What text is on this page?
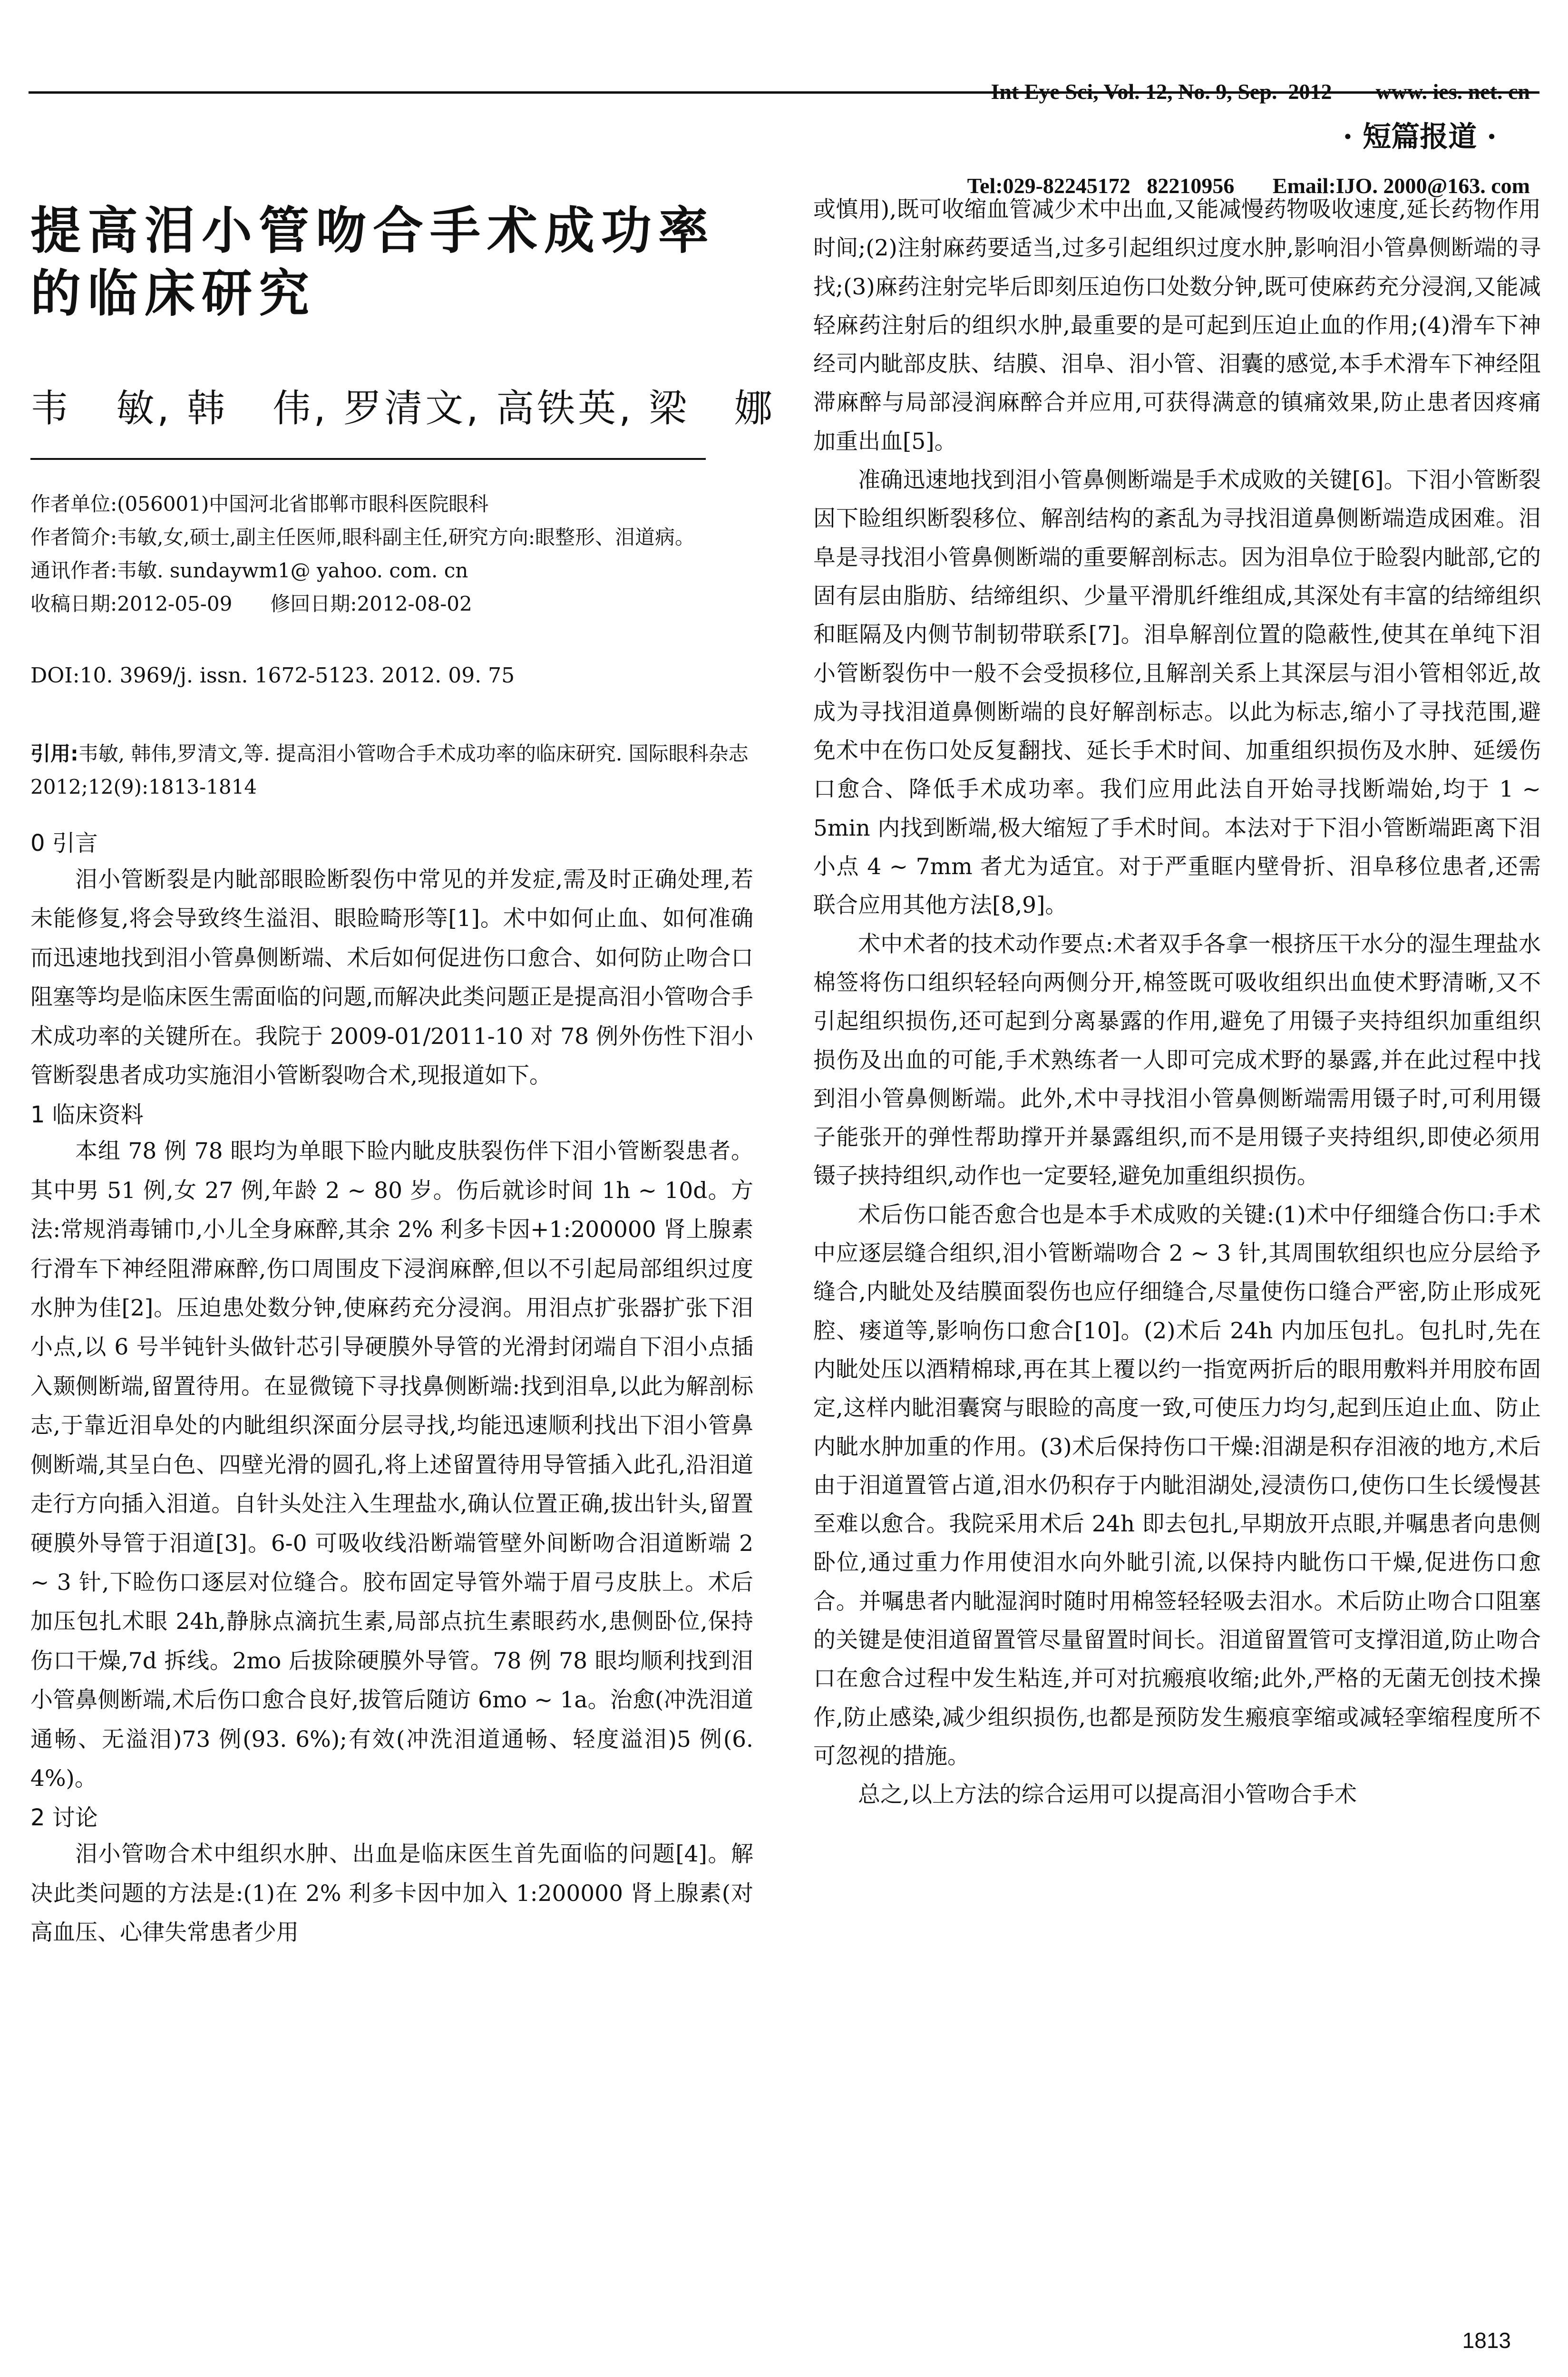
Int Eye Sci, Vol. 12, No. 9, Sep.  2012        www. ies. net. cn

Tel:029-82245172   82210956       Email:IJO. 2000@163. com

· 短篇报道 ·
提高泪小管吻合手术成功率的临床研究
韦   敏, 韩   伟, 罗清文, 高铁英, 梁   娜

作者单位:(056001)中国河北省邯郸市眼科医院眼科

作者简介:韦敏,女,硕士,副主任医师,眼科副主任,研究方向:眼整形、泪道病。

通讯作者:韦敏. sundaywm1@ yahoo. com. cn

收稿日期:2012-05-09      修回日期:2012-08-02

DOI:10. 3969/j. issn. 1672-5123. 2012. 09. 75
引用:韦敏, 韩伟,罗清文,等. 提高泪小管吻合手术成功率的临床研究. 国际眼科杂志 2012;12(9):1813-1814
0 引言

泪小管断裂是内眦部眼睑断裂伤中常见的并发症,需及时正确处理,若未能修复,将会导致终生溢泪、眼睑畸形等[1]。术中如何止血、如何准确而迅速地找到泪小管鼻侧断端、术后如何促进伤口愈合、如何防止吻合口阻塞等均是临床医生需面临的问题,而解决此类问题正是提高泪小管吻合手术成功率的关键所在。我院于 2009-01/2011-10 对 78 例外伤性下泪小管断裂患者成功实施泪小管断裂吻合术,现报道如下。

1 临床资料

本组 78 例 78 眼均为单眼下睑内眦皮肤裂伤伴下泪小管断裂患者。其中男 51 例,女 27 例,年龄 2 ~ 80 岁。伤后就诊时间 1h ~ 10d。方法:常规消毒铺巾,小儿全身麻醉,其余 2% 利多卡因+1:200000 肾上腺素行滑车下神经阻滞麻醉,伤口周围皮下浸润麻醉,但以不引起局部组织过度水肿为佳[2]。压迫患处数分钟,使麻药充分浸润。用泪点扩张器扩张下泪小点,以 6 号半钝针头做针芯引导硬膜外导管的光滑封闭端自下泪小点插入颞侧断端,留置待用。在显微镜下寻找鼻侧断端:找到泪阜,以此为解剖标志,于靠近泪阜处的内眦组织深面分层寻找,均能迅速顺利找出下泪小管鼻侧断端,其呈白色、四壁光滑的圆孔,将上述留置待用导管插入此孔,沿泪道走行方向插入泪道。自针头处注入生理盐水,确认位置正确,拔出针头,留置硬膜外导管于泪道[3]。6-0 可吸收线沿断端管壁外间断吻合泪道断端 2 ~ 3 针,下睑伤口逐层对位缝合。胶布固定导管外端于眉弓皮肤上。术后加压包扎术眼 24h,静脉点滴抗生素,局部点抗生素眼药水,患侧卧位,保持伤口干燥,7d 拆线。2mo 后拔除硬膜外导管。78 例 78 眼均顺利找到泪小管鼻侧断端,术后伤口愈合良好,拔管后随访 6mo ~ 1a。治愈(冲洗泪道通畅、无溢泪)73 例(93. 6%);有效(冲洗泪道通畅、轻度溢泪)5 例(6. 4%)。

2 讨论

泪小管吻合术中组织水肿、出血是临床医生首先面临的问题[4]。解决此类问题的方法是:(1)在 2% 利多卡因中加入 1:200000 肾上腺素(对高血压、心律失常患者少用

或慎用),既可收缩血管减少术中出血,又能减慢药物吸收速度,延长药物作用时间;(2)注射麻药要适当,过多引起组织过度水肿,影响泪小管鼻侧断端的寻找;(3)麻药注射完毕后即刻压迫伤口处数分钟,既可使麻药充分浸润,又能减轻麻药注射后的组织水肿,最重要的是可起到压迫止血的作用;(4)滑车下神经司内眦部皮肤、结膜、泪阜、泪小管、泪囊的感觉,本手术滑车下神经阻滞麻醉与局部浸润麻醉合并应用,可获得满意的镇痛效果,防止患者因疼痛加重出血[5]。

准确迅速地找到泪小管鼻侧断端是手术成败的关键[6]。下泪小管断裂因下睑组织断裂移位、解剖结构的紊乱为寻找泪道鼻侧断端造成困难。泪阜是寻找泪小管鼻侧断端的重要解剖标志。因为泪阜位于睑裂内眦部,它的固有层由脂肪、结缔组织、少量平滑肌纤维组成,其深处有丰富的结缔组织和眶隔及内侧节制韧带联系[7]。泪阜解剖位置的隐蔽性,使其在单纯下泪小管断裂伤中一般不会受损移位,且解剖关系上其深层与泪小管相邻近,故成为寻找泪道鼻侧断端的良好解剖标志。以此为标志,缩小了寻找范围,避免术中在伤口处反复翻找、延长手术时间、加重组织损伤及水肿、延缓伤口愈合、降低手术成功率。我们应用此法自开始寻找断端始,均于 1 ~ 5min 内找到断端,极大缩短了手术时间。本法对于下泪小管断端距离下泪小点 4 ~ 7mm 者尤为适宜。对于严重眶内壁骨折、泪阜移位患者,还需联合应用其他方法[8,9]。

术中术者的技术动作要点:术者双手各拿一根挤压干水分的湿生理盐水棉签将伤口组织轻轻向两侧分开,棉签既可吸收组织出血使术野清晰,又不引起组织损伤,还可起到分离暴露的作用,避免了用镊子夹持组织加重组织损伤及出血的可能,手术熟练者一人即可完成术野的暴露,并在此过程中找到泪小管鼻侧断端。此外,术中寻找泪小管鼻侧断端需用镊子时,可利用镊子能张开的弹性帮助撑开并暴露组织,而不是用镊子夹持组织,即使必须用镊子挟持组织,动作也一定要轻,避免加重组织损伤。

术后伤口能否愈合也是本手术成败的关键:(1)术中仔细缝合伤口:手术中应逐层缝合组织,泪小管断端吻合 2 ~ 3 针,其周围软组织也应分层给予缝合,内眦处及结膜面裂伤也应仔细缝合,尽量使伤口缝合严密,防止形成死腔、瘘道等,影响伤口愈合[10]。(2)术后 24h 内加压包扎。包扎时,先在内眦处压以酒精棉球,再在其上覆以约一指宽两折后的眼用敷料并用胶布固定,这样内眦泪囊窝与眼睑的高度一致,可使压力均匀,起到压迫止血、防止内眦水肿加重的作用。(3)术后保持伤口干燥:泪湖是积存泪液的地方,术后由于泪道置管占道,泪水仍积存于内眦泪湖处,浸渍伤口,使伤口生长缓慢甚至难以愈合。我院采用术后 24h 即去包扎,早期放开点眼,并嘱患者向患侧卧位,通过重力作用使泪水向外眦引流,以保持内眦伤口干燥,促进伤口愈合。并嘱患者内眦湿润时随时用棉签轻轻吸去泪水。术后防止吻合口阻塞的关键是使泪道留置管尽量留置时间长。泪道留置管可支撑泪道,防止吻合口在愈合过程中发生粘连,并可对抗瘢痕收缩;此外,严格的无菌无创技术操作,防止感染,减少组织损伤,也都是预防发生瘢痕挛缩或减轻挛缩程度所不可忽视的措施。

总之,以上方法的综合运用可以提高泪小管吻合手术

1813
